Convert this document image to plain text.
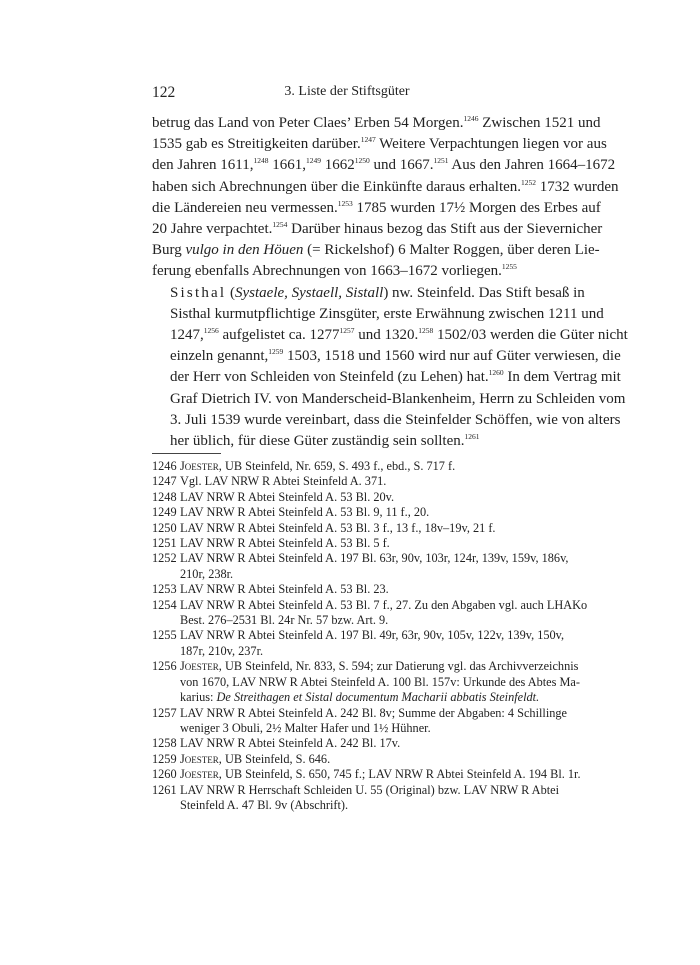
122	3. Liste der Stiftsgüter

betrug das Land von Peter Claes’ Erben 54 Morgen.$^{1246}$ Zwischen 1521 und
1535 gab es Streitigkeiten darüber.$^{1247}$ Weitere Verpachtungen liegen vor aus
den Jahren 1611,$^{1248}$ 1661,$^{1249}$ $1662^{1250}$ und 1667.$^{1251}$ Aus den Jahren 1664–1672
haben sich Abrechnungen über die Einkünfte daraus erhalten.$^{1252}$ 1732 wurden
die Ländereien neu vermessen.$^{1253}$ 1785 wurden 17½ Morgen des Erbes auf
20 Jahre verpachtet.$^{1254}$ Darüber hinaus bezog das Stift aus der Sievernicher
Burg vulgo in den Höuen (= Rickelshof) 6 Malter Roggen, über deren Lie-
ferung ebenfalls Abrechnungen von 1663–1672 vorliegen.$^{1255}$

Sisthal (Systaele, Systaell, Sistall) nw. Steinfeld. Das Stift besaß in
Sisthal kurmutpflichtige Zinsgüter, erste Erwähnung zwischen 1211 und
1247,$^{1256}$ aufgelistet ca. $1277^{1257}$ und 1320.$^{1258}$ 1502/03 werden die Güter nicht
einzeln genannt,$^{1259}$ 1503, 1518 und 1560 wird nur auf Güter verwiesen, die
der Herr von Schleiden von Steinfeld (zu Lehen) hat.$^{1260}$ In dem Vertrag mit
Graf Dietrich IV. von Manderscheid-Blankenheim, Herrn zu Schleiden vom
3. Juli 1539 wurde vereinbart, dass die Steinfelder Schöffen, wie von alters
her üblich, für diese Güter zuständig sein sollten.$^{1261}$

1246 Joester, UB Steinfeld, Nr. 659, S. 493 f., ebd., S. 717 f.
1247 Vgl. LAV NRW R Abtei Steinfeld A. 371.
1248 LAV NRW R Abtei Steinfeld A. 53 Bl. 20v.
1249 LAV NRW R Abtei Steinfeld A. 53 Bl. 9, 11 f., 20.
1250 LAV NRW R Abtei Steinfeld A. 53 Bl. 3 f., 13 f., 18v–19v, 21 f.
1251 LAV NRW R Abtei Steinfeld A. 53 Bl. 5 f.
1252 LAV NRW R Abtei Steinfeld A. 197 Bl. 63r, 90v, 103r, 124r, 139v, 159v, 186v,
210r, 238r.
1253 LAV NRW R Abtei Steinfeld A. 53 Bl. 23.
1254 LAV NRW R Abtei Steinfeld A. 53 Bl. 7 f., 27. Zu den Abgaben vgl. auch LHAKo
Best. 276–2531 Bl. 24r Nr. 57 bzw. Art. 9.
1255 LAV NRW R Abtei Steinfeld A. 197 Bl. 49r, 63r, 90v, 105v, 122v, 139v, 150v,
187r, 210v, 237r.
1256 Joester, UB Steinfeld, Nr. 833, S. 594; zur Datierung vgl. das Archivverzeichnis
von 1670, LAV NRW R Abtei Steinfeld A. 100 Bl. 157v: Urkunde des Abtes Ma-
karius: De Streithagen et Sistal documentum Macharii abbatis Steinfeldt.
1257 LAV NRW R Abtei Steinfeld A. 242 Bl. 8v; Summe der Abgaben: 4 Schillinge
weniger 3 Obuli, 2½ Malter Hafer und 1½ Hühner.
1258 LAV NRW R Abtei Steinfeld A. 242 Bl. 17v.
1259 Joester, UB Steinfeld, S. 646.
1260 Joester, UB Steinfeld, S. 650, 745 f.; LAV NRW R Abtei Steinfeld A. 194 Bl. 1r.
1261 LAV NRW R Herrschaft Schleiden U. 55 (Original) bzw. LAV NRW R Abtei
Steinfeld A. 47 Bl. 9v (Abschrift).
